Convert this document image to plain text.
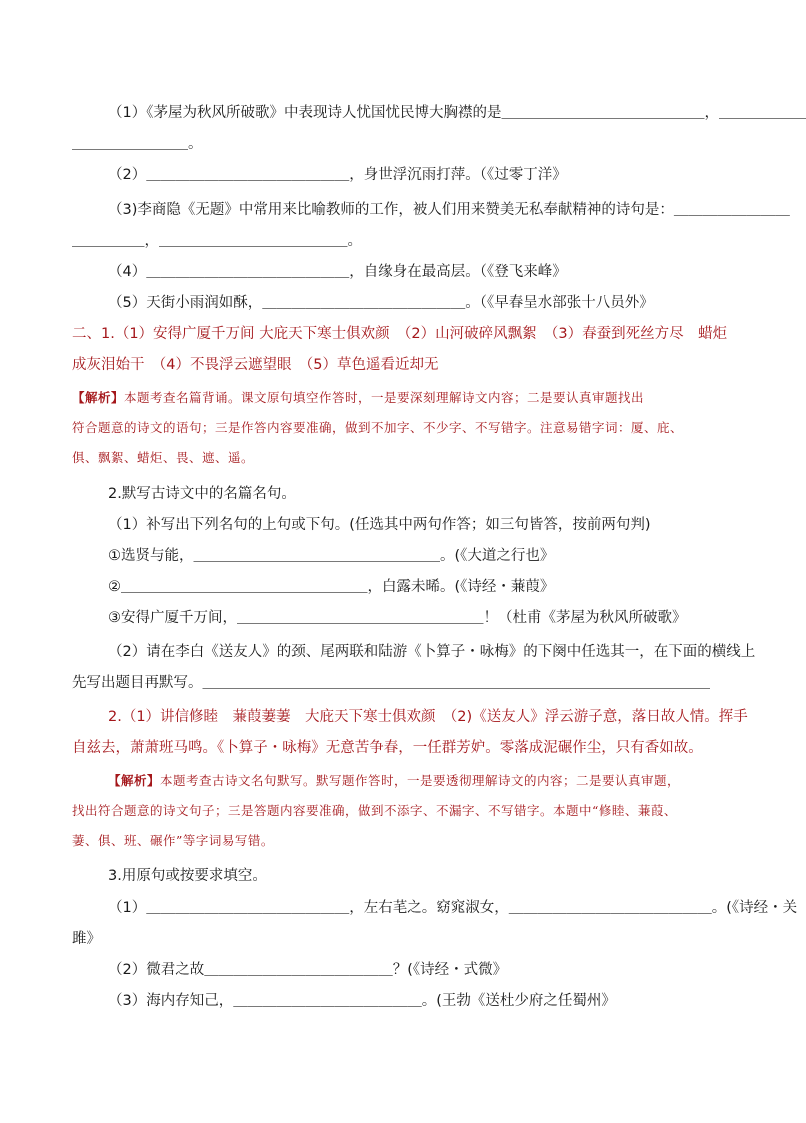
（1）《茅屋为秋风所破歌》中表现诗人忧国忧民博大胸襟的是＿＿＿＿＿＿＿＿＿＿＿＿＿＿，＿＿＿＿＿＿
＿＿＿＿＿＿＿＿。
（2）＿＿＿＿＿＿＿＿＿＿＿＿＿＿，身世浮沉雨打萍。（《过零丁洋》
（3)李商隐《无题》中常用来比喻教师的工作，被人们用来赞美无私奉献精神的诗句是：＿＿＿＿＿＿＿＿
＿＿＿＿＿，＿＿＿＿＿＿＿＿＿＿＿＿＿。
（4）＿＿＿＿＿＿＿＿＿＿＿＿＿＿，自缘身在最高层。（《登飞来峰》
（5）天街小雨润如酥，＿＿＿＿＿＿＿＿＿＿＿＿＿＿。（《早春呈水部张十八员外》
二、1.（1）安得广厦千万间 大庇天下寒士俱欢颜　（2）山河破碎风飘絮　（3）春蚕到死丝方尽　蜡炬
成灰泪始干　（4）不畏浮云遮望眼　（5）草色遥看近却无
【解析】本题考查名篇背诵。课文原句填空作答时，一是要深刻理解诗文内容；二是要认真审题找出
符合题意的诗文的语句；三是作答内容要准确，做到不加字、不少字、不写错字。注意易错字词：厦、庇、
俱、飘絮、蜡炬、畏、遮、遥。
2.默写古诗文中的名篇名句。
（1）补写出下列名句的上句或下句。(任选其中两句作答；如三句皆答，按前两句判)
①选贤与能，＿＿＿＿＿＿＿＿＿＿＿＿＿＿＿＿＿。(《大道之行也》
②＿＿＿＿＿＿＿＿＿＿＿＿＿＿＿＿＿，白露未晞。(《诗经・蒹葭》
③安得广厦千万间，＿＿＿＿＿＿＿＿＿＿＿＿＿＿＿＿＿！（杜甫《茅屋为秋风所破歌》
（2）请在李白《送友人》的颈、尾两联和陆游《卜算子・咏梅》的下阕中任选其一，在下面的横线上
先写出题目再默写。＿＿＿＿＿＿＿＿＿＿＿＿＿＿＿＿＿＿＿＿＿＿＿＿＿＿＿＿＿＿＿＿＿＿＿
2.（1）讲信修睦　蒹葭萋萋　大庇天下寒士俱欢颜　（2)《送友人》浮云游子意，落日故人情。挥手
自兹去，萧萧班马鸣。《卜算子・咏梅》无意苦争春，一任群芳妒。零落成泥碾作尘，只有香如故。
【解析】本题考查古诗文名句默写。默写题作答时，一是要透彻理解诗文的内容；二是要认真审题，
找出符合题意的诗文句子；三是答题内容要准确，做到不添字、不漏字、不写错字。本题中“修睦、蒹葭、
萋、俱、班、碾作”等字词易写错。
3.用原句或按要求填空。
（1）＿＿＿＿＿＿＿＿＿＿＿＿＿＿，左右芼之。窈窕淑女，＿＿＿＿＿＿＿＿＿＿＿＿＿＿。(《诗经・关
雎》
（2）微君之故＿＿＿＿＿＿＿＿＿＿＿＿＿？(《诗经・式微》
（3）海内存知己，＿＿＿＿＿＿＿＿＿＿＿＿＿。(王勃《送杜少府之任蜀州》
